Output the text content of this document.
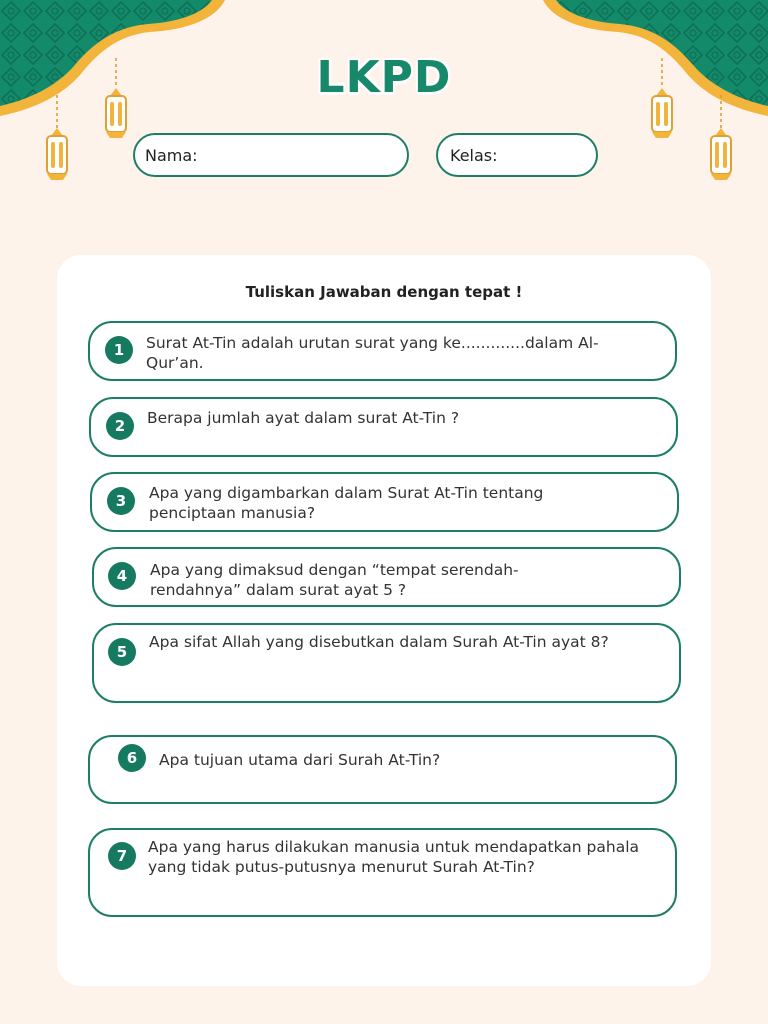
LKPD
Nama:	Kelas:
Tuliskan Jawaban dengan tepat !
1	Surat At-Tin adalah urutan surat yang ke.............dalam Al-Qur’an.
2	Berapa jumlah ayat dalam surat At-Tin ?
3	Apa yang digambarkan dalam Surat At-Tin tentang penciptaan manusia?
4	Apa yang dimaksud dengan “tempat serendah-rendahnya” dalam surat ayat 5 ?
5
Apa sifat Allah yang disebutkan dalam Surah At-Tin ayat 8?
6	Apa tujuan utama dari Surah At-Tin?
7	Apa yang harus dilakukan manusia untuk mendapatkan pahala yang tidak putus-putusnya menurut Surah At-Tin?
